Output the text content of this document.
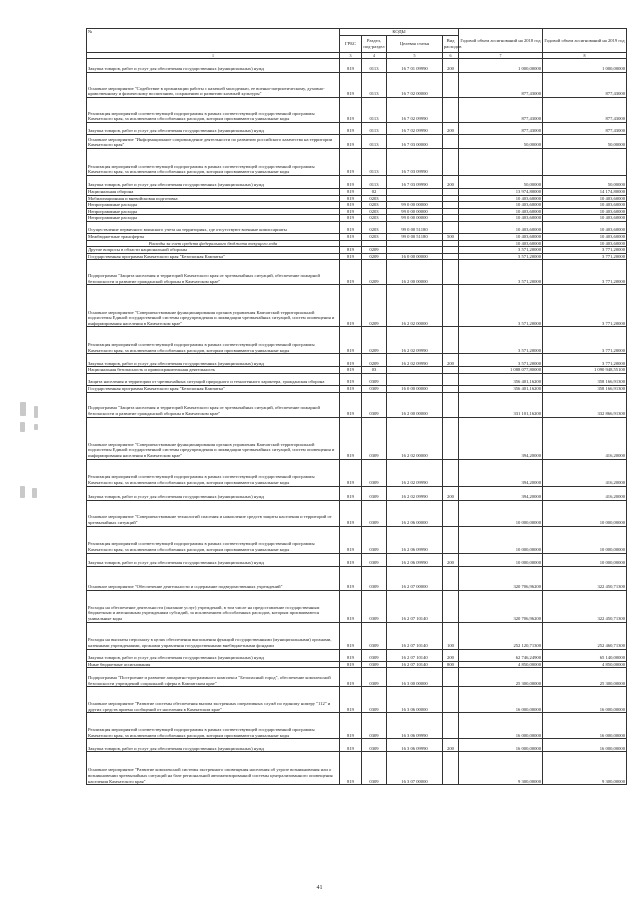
№	КОДЫ				Годовой объем ассигнований на 2018 год	Годовой объем ассигнований на 2019 год
	ГРБС	Раздел, под-раздел	Целевая статья	Вид расходов		
1	3	4	5	6	7	8
Закупка товаров, работ и услуг для обеспечения государственных (муниципальных) нужд	819	0113	16 7 01 09990	200	1 000,00000	1 000,00000
Основное мероприятие "Содействие в организации работы с казачьей молодежью, ее военно-патриотическому, духовно-нравственному и физическому воспитанию, сохранению и развитию казачьей культуры"	819	0113	16 7 02 00000		877,43000	877,43000
Реализация мероприятий соответствующей подпрограммы в рамках соответствующей государственной программы Камчатского края, за исключением обособленных расходов, которым присваиваются уникальные коды	819	0113	16 7 02 09990		877,43000	877,43000
Закупка товаров, работ и услуг для обеспечения государственных (муниципальных) нужд	819	0113	16 7 02 09990	200	877,43000	877,43000
Основное мероприятие "Информационное сопровождение деятельности по развитию российского казачества на территории Камчатского края"	819	0113	16 7 03 00000		50,00000	50,00000
Реализация мероприятий соответствующей подпрограммы в рамках соответствующей государственной программы Камчатского края, за исключением обособленных расходов, которым присваиваются уникальные коды	819	0113	16 7 03 09990			
Закупка товаров, работ и услуг для обеспечения государственных (муниципальных) нужд	819	0113	16 7 03 09990	200	50,00000	50,00000
Национальная оборона	819	02			13 974,80000	14 174,80000
Мобилизационная и вневойсковая подготовка	819	0203			10 403,60000	10 403,60000
Непрограммные расходы	819	0203	99 0 00 00000		10 403,60000	10 403,60000
Непрограммные расходы	819	0203	99 0 00 00000		10 403,60000	10 403,60000
Непрограммные расходы	819	0203	99 0 00 00000		10 403,60000	10 403,60000
Осуществление первичного воинского учета на территориях, где отсутствуют военные комиссариаты	819	0203	99 0 00 51180		10 403,60000	10 403,60000
Межбюджетные трансферты	819	0203	99 0 00 51180	500	10 403,60000	10 403,60000
Расходы за счет средств федерального бюджета текущего года					10 403,60000	10 403,60000
Другие вопросы в области национальной обороны	819	0209			3 571,20000	3 771,20000
Государственная программа Камчатского края "Безопасная Камчатка"	819	0209	16 0 00 00000		3 571,20000	3 771,20000
Подпрограмма "Защита населения и территорий Камчатского края от чрезвычайных ситуаций, обеспечение пожарной безопасности и развитие гражданской обороны в Камчатском крае"	819	0209	16 2 00 00000		3 571,20000	3 771,20000
Основное мероприятие "Совершенствование функционирования органов управления Камчатской территориальной подсистемы Единой государственной системы предупреждения и ликвидации чрезвычайных ситуаций, систем оповещения и информирования населения в Камчатском крае"	819	0209	16 2 02 00000		3 571,20000	3 771,20000
Реализация мероприятий соответствующей подпрограммы в рамках соответствующей государственной программы Камчатского края, за исключением обособленных расходов, которым присваиваются уникальные коды	819	0209	16 2 02 09990		3 571,20000	3 771,20000
Закупка товаров, работ и услуг для обеспечения государственных (муниципальных) нужд	819	0209	16 2 02 09990	200	3 571,20000	3 771,20000
Национальная безопасность и правоохранительная деятельность	819	03			1 088 077,80000	1 090 948,55100
Защита населения и территории от чрезвычайных ситуаций природного и техногенного характера, гражданская оборона	819	0309			356 401,16200	358 166,91300
Государственная программа Камчатского края "Безопасная Камчатка"	819	0309	16 0 00 00000		356 401,16200	358 166,91300
Подпрограмма "Защита населения и территорий Камчатского края от чрезвычайных ситуаций, обеспечение пожарной безопасности и развитие гражданской обороны в Камчатском крае"	819	0309	16 2 00 00000		331 101,16200	332 866,91300
Основное мероприятие "Совершенствование функционирования органов управления Камчатской территориальной подсистемы Единой государственной системы предупреждения и ликвидации чрезвычайных ситуаций, систем оповещения и информирования населения в Камчатском крае"	819	0309	16 2 02 00000		394,20000	416,20000
Реализация мероприятий соответствующей подпрограммы в рамках соответствующей государственной программы Камчатского края, за исключением обособленных расходов, которым присваиваются уникальные коды	819	0309	16 2 02 09990		394,20000	416,20000
Закупка товаров, работ и услуг для обеспечения государственных (муниципальных) нужд	819	0309	16 2 02 09990	200	394,20000	416,20000
Основное мероприятие "Совершенствование технологий спасения и накопление средств защиты населения и территорий от чрезвычайных ситуаций"	819	0309	16 2 06 00000		10 000,00000	10 000,00000
Реализация мероприятий соответствующей подпрограммы в рамках соответствующей государственной программы Камчатского края, за исключением обособленных расходов, которым присваиваются уникальные коды	819	0309	16 2 06 09990		10 000,00000	10 000,00000
Закупка товаров, работ и услуг для обеспечения государственных (муниципальных) нужд	819	0309	16 2 06 09990	200	10 000,00000	10 000,00000
Основное мероприятие "Обеспечение деятельности и содержание подведомственных учреждений"	819	0309	16 2 07 00000		320 706,96200	322 450,71300
Расходы на обеспечение деятельности (оказание услуг) учреждений, в том числе на предоставление государственным бюджетным и автономным учреждениям субсидий, за исключением обособленных расходов, которым присваиваются уникальные коды	819	0309	16 2 07 10140		320 706,96200	322 450,71300
Расходы на выплаты персоналу в целях обеспечения выполнения функций государственными (муниципальными) органами, казенными учреждениями, органами управления государственными внебюджетными фондами	819	0309	16 2 07 10140	100	252 120,71300	252 460,71300
Закупка товаров, работ и услуг для обеспечения государственных (муниципальных) нужд	819	0309	16 2 07 10140	200	62 746,24900	65 140,00000
Иные бюджетные ассигнования	819	0309	16 2 07 10140	800	4 850,00000	4 850,00000
Подпрограмма "Построение и развитие аппаратно-программного комплекса "Безопасный город", обеспечение комплексной безопасности учреждений социальной сферы в Камчатском крае"	819	0309	16 3 00 00000		25 300,00000	25 300,00000
Основное мероприятие "Развитие системы обеспечения вызова экстренных оперативных служб по единому номеру "112" и других средств приема сообщений от населения в Камчатском крае"	819	0309	16 3 06 00000		16 000,00000	16 000,00000
Реализация мероприятий соответствующей подпрограммы в рамках соответствующей государственной программы Камчатского края, за исключением обособленных расходов, которым присваиваются уникальные коды	819	0309	16 3 06 09990		16 000,00000	16 000,00000
Закупка товаров, работ и услуг для обеспечения государственных (муниципальных) нужд	819	0309	16 3 06 09990	200	16 000,00000	16 000,00000
Основное мероприятие "Развитие комплексной системы экстренного оповещения населения об угрозе возникновения или о возникновении чрезвычайных ситуаций на базе региональной автоматизированной системы централизованного оповещения населения Камчатского края"	819	0309	16 3 07 00000		9 300,00000	9 300,00000
41
